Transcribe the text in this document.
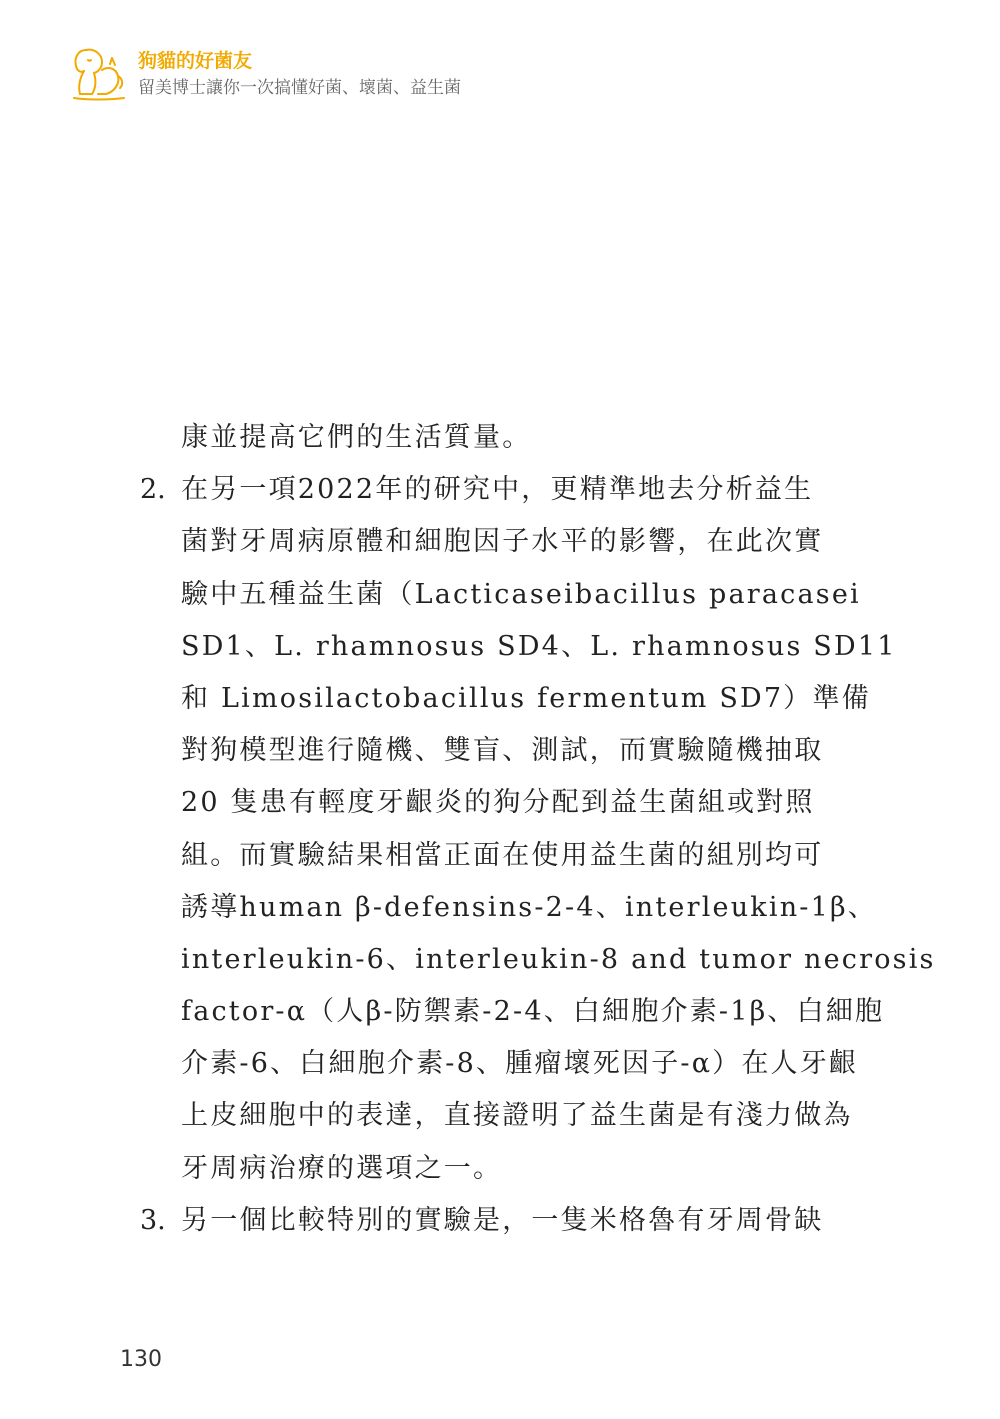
狗貓的好菌友
留美博士讓你一次搞懂好菌、壞菌、益生菌
康並提高它們的生活質量。
2. 在另一項2022年的研究中，更精準地去分析益生
菌對牙周病原體和細胞因子水平的影響，在此次實
驗中五種益生菌（Lacticaseibacillus paracasei
SD1、L. rhamnosus SD4、L. rhamnosus SD11
和 Limosilactobacillus fermentum SD7）準備
對狗模型進行隨機、雙盲、測試，而實驗隨機抽取
20 隻患有輕度牙齦炎的狗分配到益生菌組或對照
組。而實驗結果相當正面在使用益生菌的組別均可
誘導human β-defensins-2-4、interleukin-1β、
interleukin-6、interleukin-8 and tumor necrosis
factor-α（人β-防禦素-2-4、白細胞介素-1β、白細胞
介素-6、白細胞介素-8、腫瘤壞死因子-α）在人牙齦
上皮細胞中的表達，直接證明了益生菌是有淺力做為
牙周病治療的選項之一。
3. 另一個比較特別的實驗是，一隻米格魯有牙周骨缺
130
